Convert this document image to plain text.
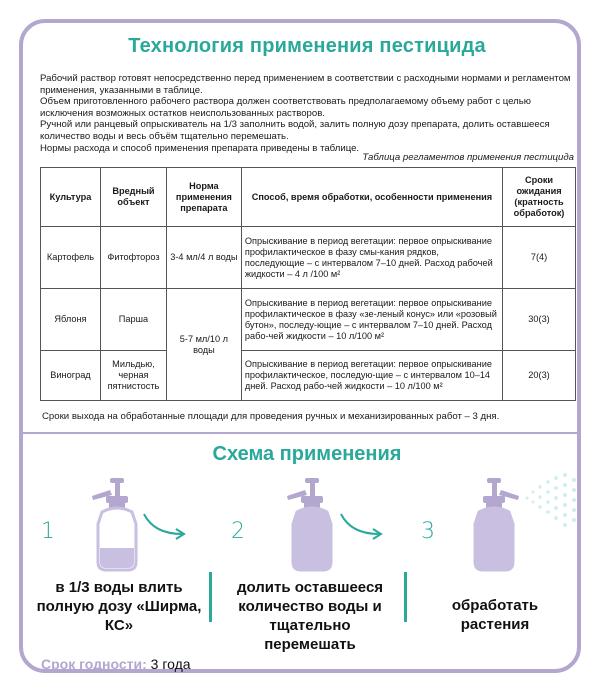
Технология применения пестицида

Рабочий раствор готовят непосредственно перед применением в соответствии с расходными нормами и регламентом применения, указанными в таблице.

Объем приготовленного рабочего раствора должен соответствовать предполагаемому объему работ с целью исключения возможных остатков неиспользованных растворов.

Ручной или ранцевый опрыскиватель на 1/3 заполнить водой, залить полную дозу препарата, долить оставшееся количество воды и весь объём тщательно перемешать.

Нормы расхода и способ применения препарата приведены в таблице.

Таблица регламентов применения пестицида
Культура	Вредный объект	Норма применения препарата	Способ, время обработки, особенности применения	Сроки ожидания (кратность обработок)
Картофель	Фитофтороз	3-4 мл/4 л воды	Опрыскивание в период вегетации: первое опрыскивание профилактическое в фазу смы-кания рядков, последующие – с интервалом 7–10 дней. Расход рабочей жидкости – 4 л /100 м²	7(4)
Яблоня	Парша	5-7 мл/10 л воды	Опрыскивание в период вегетации: первое опрыскивание профилактическое в фазу «зе-леный конус» или «розовый бутон», последу-ющие – с интервалом 7–10 дней. Расход рабо-чей жидкости – 10 л/100 м²	30(3)
Виноград	Мильдью, черная пятнистость		Опрыскивание в период вегетации: первое опрыскивание профилактическое, последую-щие – с интервалом 10–14 дней. Расход рабо-чей жидкости – 10 л/100 м²	20(3)
Сроки выхода на обработанные площади для проведения ручных и механизированных работ – 3 дня.
Схема применения
1	2	3
в 1/3 воды влить полную дозу «Ширма, КС»
долить оставшееся количество воды и тщательно перемешать
обработать растения
Срок годности: 3 года
